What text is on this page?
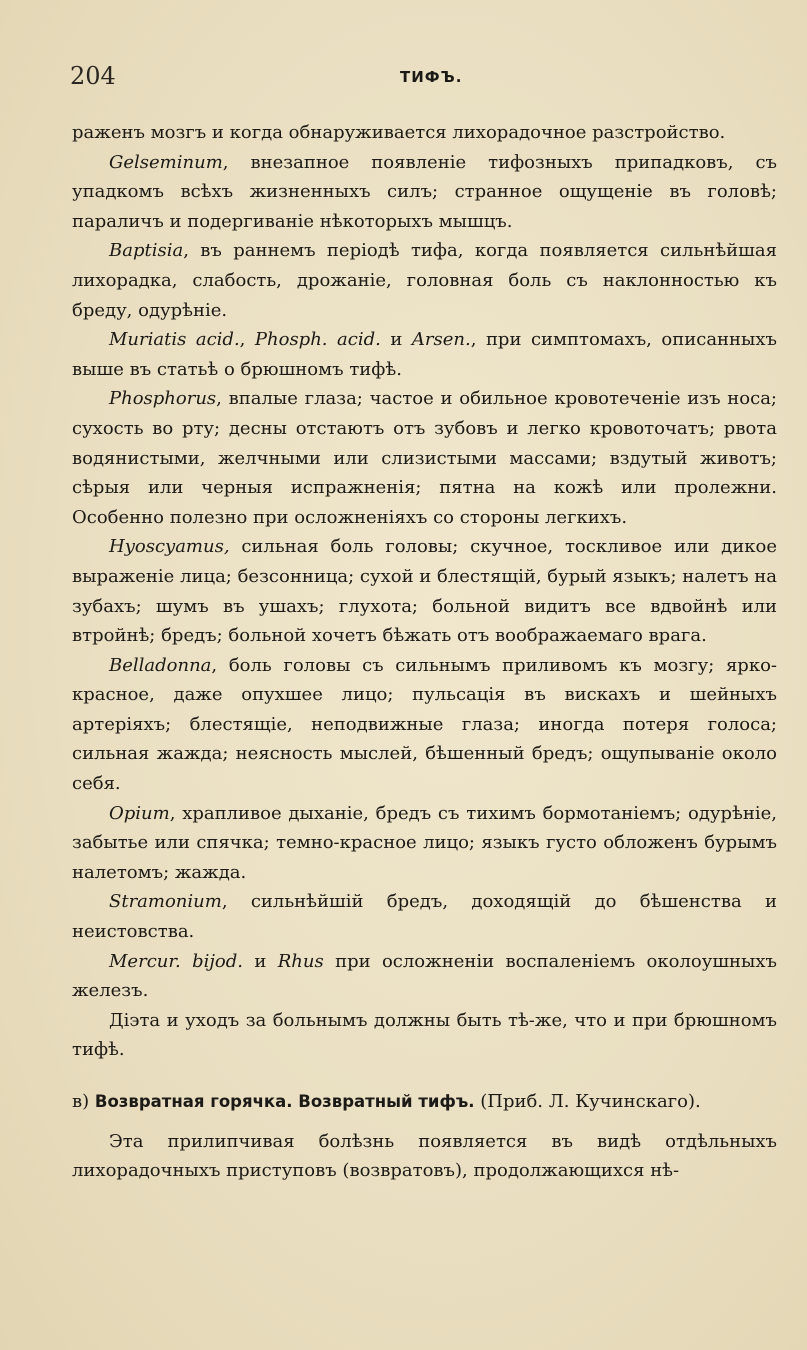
204	ТИФЪ.

раженъ мозгъ и когда обнаруживается лихорадочное разстройство.

Gelseminum, внезапное появленіе тифозныхъ припадковъ, съ упадкомъ всѣхъ жизненныхъ силъ; странное ощущеніе въ головѣ; параличъ и подергиваніе нѣкоторыхъ мышцъ.

Baptisia, въ раннемъ періодѣ тифа, когда появляется сильнѣйшая лихорадка, слабость, дрожаніе, головная боль съ наклонностью къ бреду, одурѣніе.

Muriatis acid., Phosph. acid. и Arsen., при симптомахъ, описанныхъ выше въ статьѣ о брюшномъ тифѣ.

Phosphorus, впалые глаза; частое и обильное кровотеченіе изъ носа; сухость во рту; десны отстаютъ отъ зубовъ и легко кровоточатъ; рвота водянистыми, желчными или слизистыми массами; вздутый животъ; сѣрыя или черныя испражненія; пятна на кожѣ или пролежни. Особенно полезно при осложненіяхъ со стороны легкихъ.

Hyoscyamus, сильная боль головы; скучное, тоскливое или дикое выраженіе лица; безсонница; сухой и блестящій, бурый языкъ; налетъ на зубахъ; шумъ въ ушахъ; глухота; больной видитъ все вдвойнѣ или втройнѣ; бредъ; больной хочетъ бѣжать отъ воображаемаго врага.

Belladonna, боль головы съ сильнымъ приливомъ къ мозгу; ярко-красное, даже опухшее лицо; пульсація въ вискахъ и шейныхъ артеріяхъ; блестящіе, неподвижные глаза; иногда потеря голоса; сильная жажда; неясность мыслей, бѣшенный бредъ; ощупываніе около себя.

Opium, храпливое дыханіе, бредъ съ тихимъ бормотаніемъ; одурѣніе, забытье или спячка; темно-красное лицо; языкъ густо обложенъ бурымъ налетомъ; жажда.

Stramonium, сильнѣйшій бредъ, доходящій до бѣшенства и неистовства.

Mercur. bijod. и Rhus при осложненіи воспаленіемъ околоушныхъ железъ.

Діэта и уходъ за больнымъ должны быть тѣ-же, что и при брюшномъ тифѣ.

в) Возвратная горячка. Возвратный тифъ. (Приб. Л. Кучинскаго).

Эта прилипчивая болѣзнь появляется въ видѣ отдѣльныхъ лихорадочныхъ приступовъ (возвратовъ), продолжающихся нѣ-
